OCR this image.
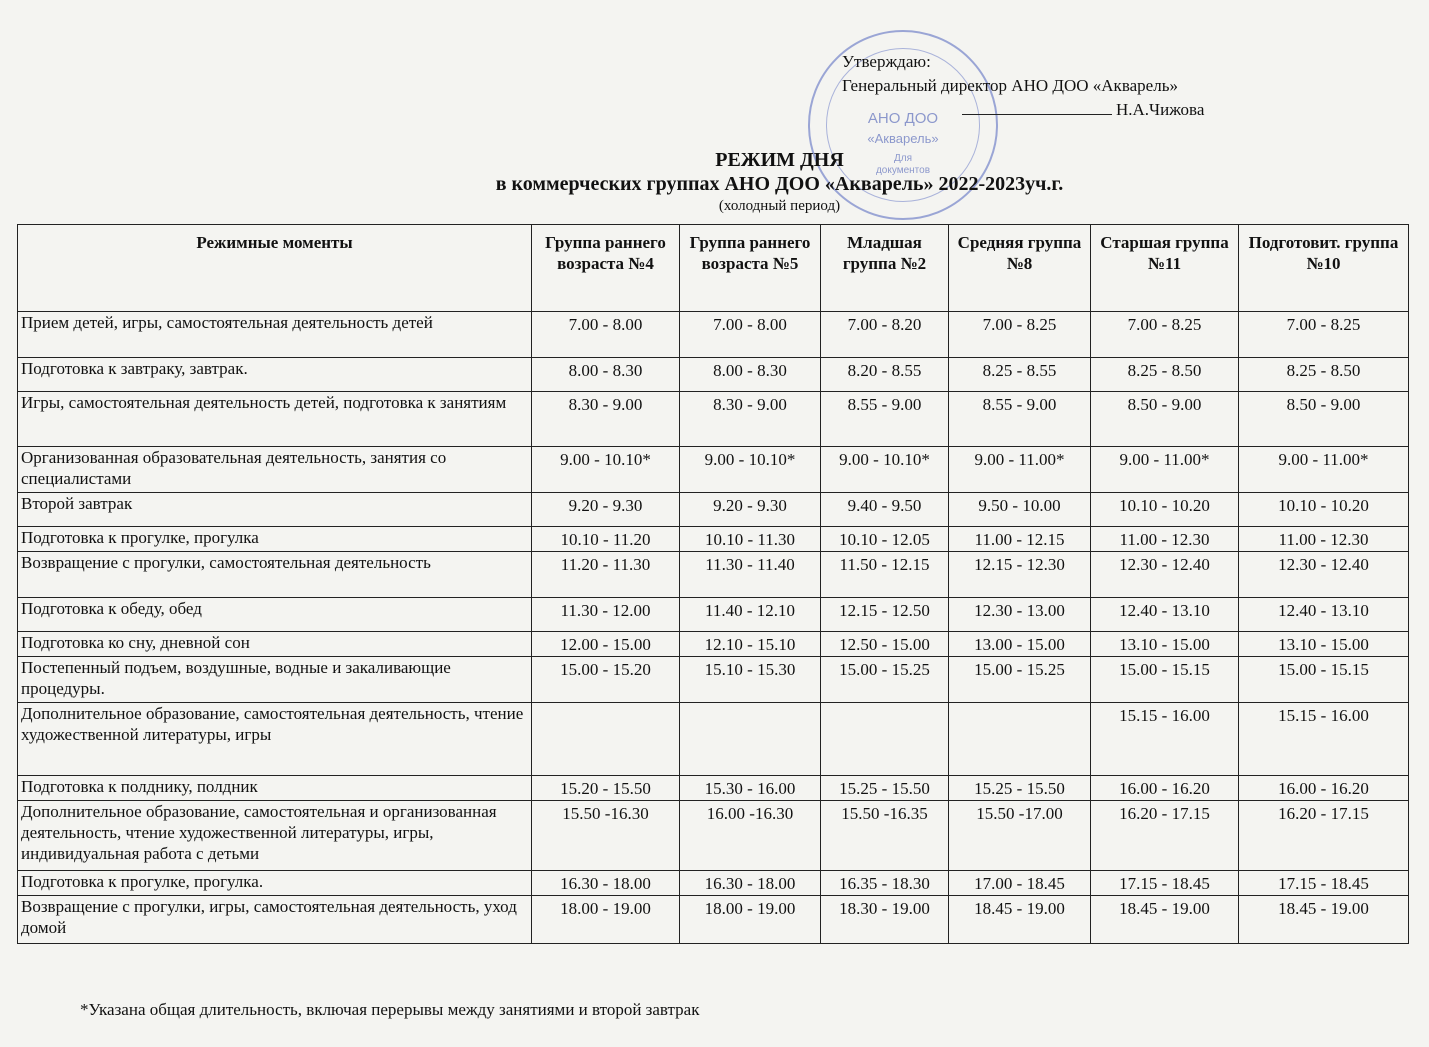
АНО ДОО
«Акварель»
Для
документов
Утверждаю:
Генеральный директор АНО ДОО «Акварель»
Н.А.Чижова
РЕЖИМ ДНЯ
в коммерческих группах АНО ДОО «Акварель» 2022-2023уч.г.
(холодный период)
Режимные моменты	Группа раннего возраста №4	Группа раннего возраста №5	Младшая группа №2	Средняя группа №8	Старшая группа №11	Подготовит. группа №10
Прием детей, игры, самостоятельная деятельность детей	7.00 - 8.00	7.00 - 8.00	7.00 - 8.20	7.00 - 8.25	7.00 - 8.25	7.00 - 8.25
Подготовка к завтраку, завтрак.	8.00 - 8.30	8.00 - 8.30	8.20 - 8.55	8.25 - 8.55	8.25 - 8.50	8.25 - 8.50
Игры, самостоятельная деятельность детей, подготовка к занятиям	8.30 - 9.00	8.30 - 9.00	8.55 - 9.00	8.55 - 9.00	8.50 - 9.00	8.50 - 9.00
Организованная образовательная деятельность, занятия со специалистами	9.00 - 10.10*	9.00 - 10.10*	9.00 - 10.10*	9.00 - 11.00*	9.00 - 11.00*	9.00 - 11.00*
Второй завтрак	9.20 - 9.30	9.20 - 9.30	9.40 - 9.50	9.50 - 10.00	10.10 - 10.20	10.10 - 10.20
Подготовка к прогулке, прогулка	10.10 - 11.20	10.10 - 11.30	10.10 - 12.05	11.00 - 12.15	11.00 - 12.30	11.00 - 12.30
Возвращение с прогулки, самостоятельная деятельность	11.20 - 11.30	11.30 - 11.40	11.50 - 12.15	12.15 - 12.30	12.30 - 12.40	12.30 - 12.40
Подготовка к обеду, обед	11.30 - 12.00	11.40 - 12.10	12.15 - 12.50	12.30 - 13.00	12.40 - 13.10	12.40 - 13.10
Подготовка ко сну, дневной сон	12.00 - 15.00	12.10 - 15.10	12.50 - 15.00	13.00 - 15.00	13.10 - 15.00	13.10 - 15.00
Постепенный подъем, воздушные, водные и закаливающие процедуры.	15.00 - 15.20	15.10 - 15.30	15.00 - 15.25	15.00 - 15.25	15.00 - 15.15	15.00 - 15.15
Дополнительное образование, самостоятельная деятельность, чтение художественной литературы, игры					15.15 - 16.00	15.15 - 16.00
Подготовка к полднику, полдник	15.20 - 15.50	15.30 - 16.00	15.25 - 15.50	15.25 - 15.50	16.00 - 16.20	16.00 - 16.20
Дополнительное образование, самостоятельная и организованная деятельность, чтение художественной литературы, игры, индивидуальная работа с детьми	15.50 -16.30	16.00 -16.30	15.50 -16.35	15.50 -17.00	16.20 - 17.15	16.20 - 17.15
Подготовка к прогулке, прогулка.	16.30 - 18.00	16.30 - 18.00	16.35 - 18.30	17.00 - 18.45	17.15 - 18.45	17.15 - 18.45
Возвращение с прогулки, игры, самостоятельная деятельность, уход домой	18.00 - 19.00	18.00 - 19.00	18.30 - 19.00	18.45 - 19.00	18.45 - 19.00	18.45 - 19.00
*Указана общая длительность, включая перерывы между занятиями и второй завтрак
